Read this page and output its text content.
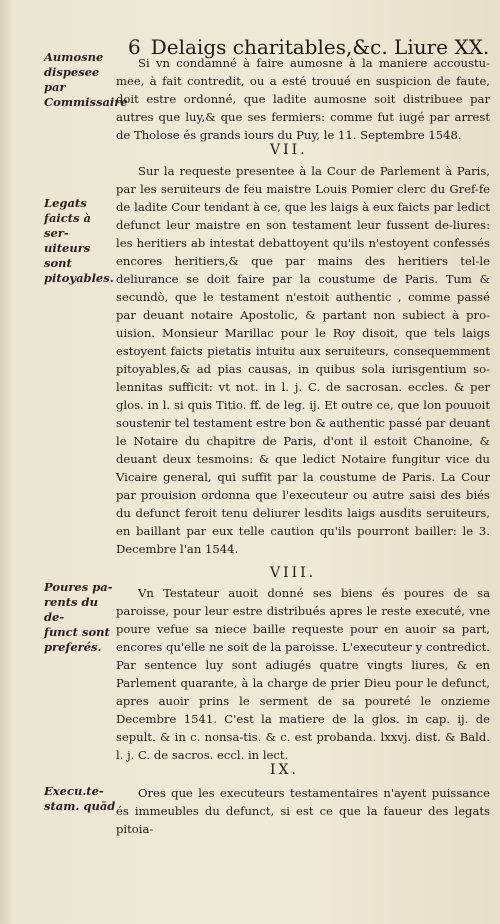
6 Delaigs charitables,&c. Liure XX.
Aumosne
dispesee par
Commissaire

Si vn condamné à faire aumosne à la maniere accoustu-mee, à fait contredit, ou a esté trouué en suspicion de faute, doit estre ordonné, que ladite aumosne soit distribuee par autres que luy,& que ses fermiers: comme fut iugé par arrest de Tholose és grands iours du Puy, le 11. Septembre 1548.

VII.
Legats
faicts à ser-
uiteurs sont
pitoyables.

Sur la requeste presentee à la Cour de Parlement à Paris, par les seruiteurs de feu maistre Louis Pomier clerc du Gref-fe de ladite Cour tendant à ce, que les laigs à eux faicts par ledict defunct leur maistre en son testament leur fussent de-liures: les heritiers ab intestat debattoyent qu'ils n'estoyent confessés encores heritiers,& que par mains des heritiers tel-le deliurance se doit faire par la coustume de Paris. Tum & secundò, que le testament n'estoit authentic , comme passé par deuant notaire Apostolic, & partant non subiect à pro-uision. Monsieur Marillac pour le Roy disoit, que tels laigs estoyent faicts pietatis intuitu aux seruiteurs, consequemment pitoyables,& ad pias causas, in quibus sola iurisgentium so-lennitas sufficit: vt not. in l. j. C. de sacrosan. eccles. & per glos. in l. si quis Titio. ff. de leg. ij. Et outre ce, que lon pouuoit soustenir tel testament estre bon & authentic passé par deuant le Notaire du chapitre de Paris, d'ont il estoit Chanoine, & deuant deux tesmoins: & que ledict Notaire fungitur vice du Vicaire general, qui suffit par la coustume de Paris. La Cour par prouision ordonna que l'executeur ou autre saisi des biés du defunct feroit tenu deliurer lesdits laigs ausdits seruiteurs, en baillant par eux telle caution qu'ils pourront bailler: le 3. Decembre l'an 1544.

VIII.
Poures pa-
rents du de-
funct sont
preferés.

Vn Testateur auoit donné ses biens és poures de sa paroisse, pour leur estre distribués apres le reste executé, vne poure vefue sa niece baille requeste pour en auoir sa part, encores qu'elle ne soit de la paroisse. L'executeur y contredict. Par sentence luy sont adiugés quatre vingts liures, & en Parlement quarante, à la charge de prier Dieu pour le defunct, apres auoir prins le serment de sa poureté le onzieme Decembre 1541. C'est la matiere de la glos. in cap. ij. de sepult. & in c. nonsa-tis. & c. est probanda. lxxvj. dist. & Bald. l. j. C. de sacros. eccl. in lect.

IX.
Execu.te-
stam. quād

Ores que les executeurs testamentaires n'ayent puissance és immeubles du defunct, si est ce que la faueur des legats pitoia-
